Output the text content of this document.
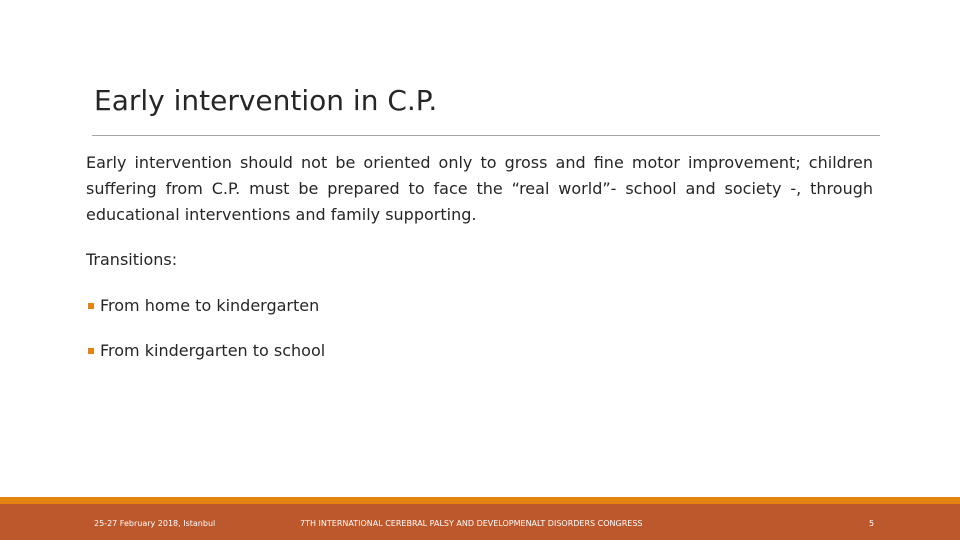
Early intervention in C.P.

Early intervention should not be oriented only to gross and fine motor improvement; children suffering from C.P. must be prepared to face the “real world”- school and society -, through educational interventions and family supporting.

Transitions:

From home to kindergarten
From kindergarten to school
25-27 February 2018, Istanbul	7TH INTERNATIONAL CEREBRAL PALSY AND DEVELOPMENALT DISORDERS CONGRESS	5
